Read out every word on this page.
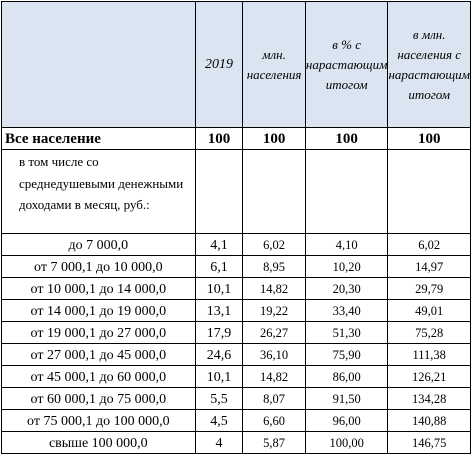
	2019	млн. населения	в % с нарастающим итогом	в млн. населения с нарастающим итогом
Все население	100	100	100	100
в том числе со среднедушевыми денежными доходами в месяц, руб.:				
до 7 000,0	4,1	6,02	4,10	6,02
от 7 000,1 до 10 000,0	6,1	8,95	10,20	14,97
от 10 000,1 до 14 000,0	10,1	14,82	20,30	29,79
от 14 000,1 до 19 000,0	13,1	19,22	33,40	49,01
от 19 000,1 до 27 000,0	17,9	26,27	51,30	75,28
от 27 000,1 до 45 000,0	24,6	36,10	75,90	111,38
от 45 000,1 до 60 000,0	10,1	14,82	86,00	126,21
от 60 000,1 до 75 000,0	5,5	8,07	91,50	134,28
от 75 000,1 до 100 000,0	4,5	6,60	96,00	140,88
свыше 100 000,0	4	5,87	100,00	146,75
